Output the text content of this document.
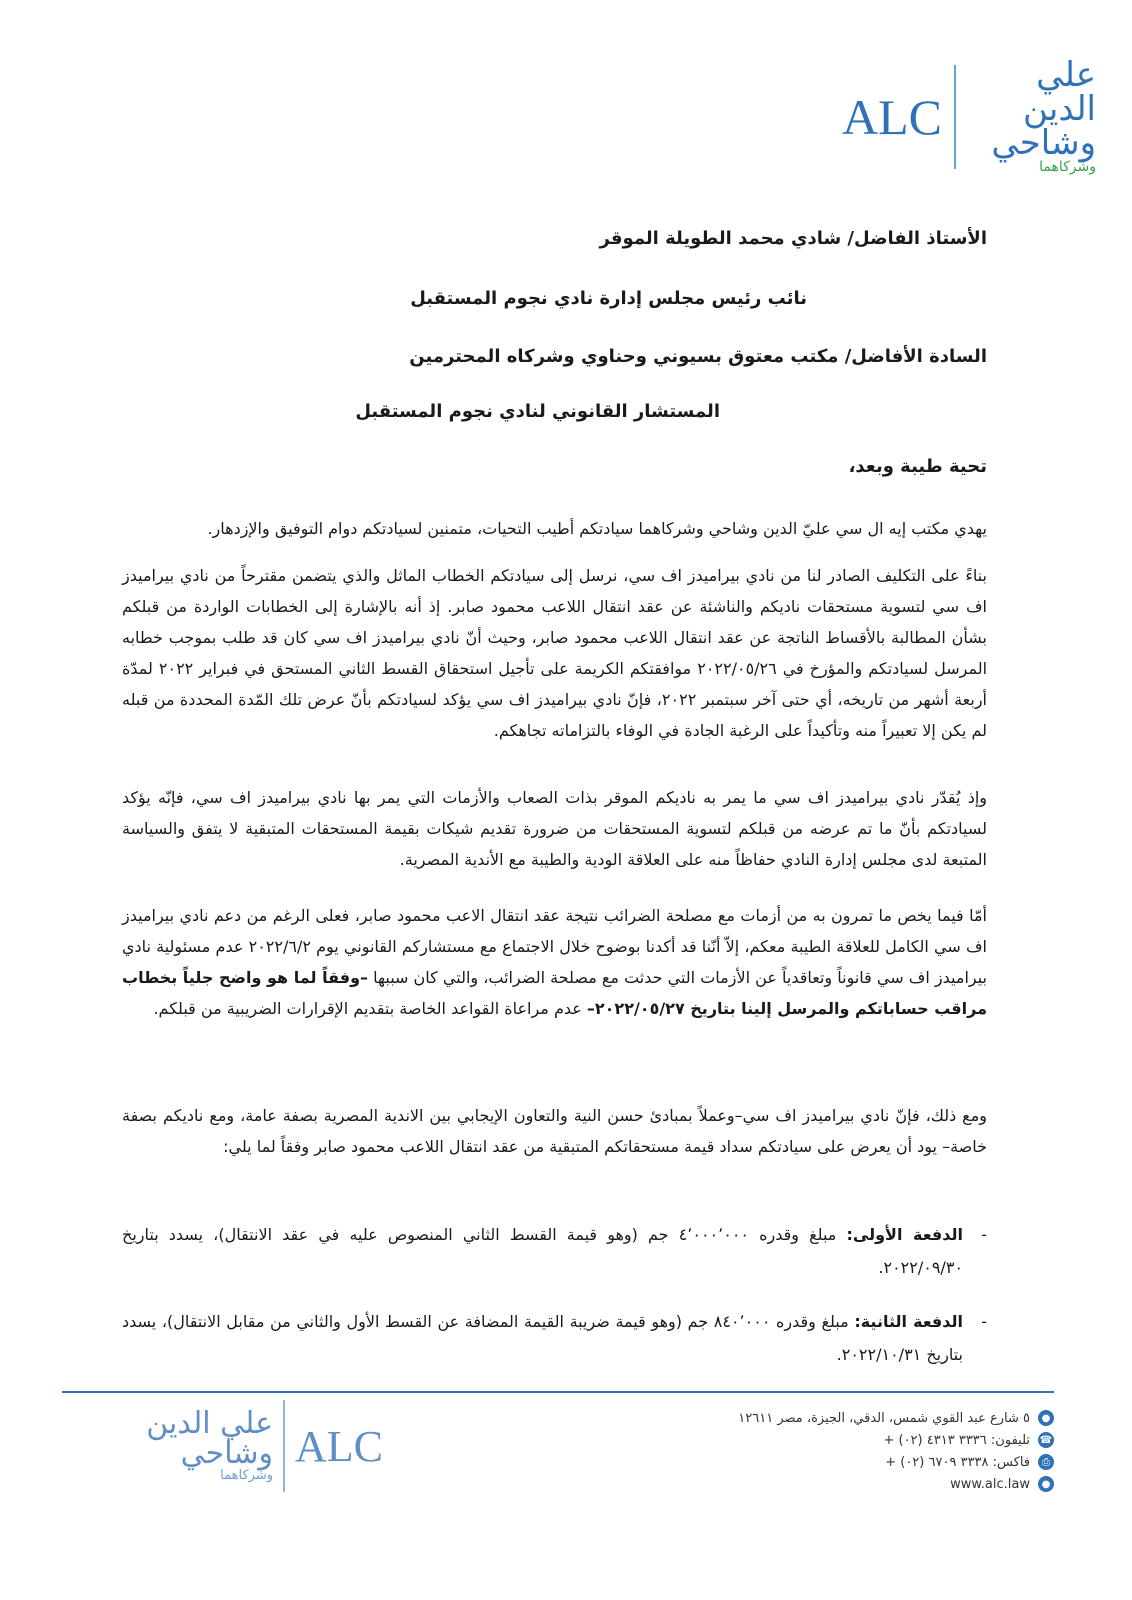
ALC
علي الدين
وشاحي
وشركاهما
الأستاذ الفاضل/ شادي محمد الطويلة الموقر
نائب رئيس مجلس إدارة نادي نجوم المستقبل
السادة الأفاضل/ مكتب معتوق بسيوني وحناوي وشركاه المحترمين
المستشار القانوني لنادي نجوم المستقبل
تحية طيبة وبعد،
يهدي مكتب إيه ال سي عليّ الدين وشاحي وشركاهما سيادتكم أطيب التحيات، متمنين لسيادتكم دوام التوفيق والإزدهار.
بناءً على التكليف الصادر لنا من نادي بيراميدز اف سي، نرسل إلى سيادتكم الخطاب الماثل والذي يتضمن مقترحاً من نادي بيراميدز اف سي لتسوية مستحقات ناديكم والناشئة عن عقد انتقال اللاعب محمود صابر. إذ أنه بالإشارة إلى الخطابات الواردة من قبلكم بشأن المطالبة بالأقساط الناتجة عن عقد انتقال اللاعب محمود صابر، وحيث أنّ نادي بيراميدز اف سي كان قد طلب بموجب خطابه المرسل لسيادتكم والمؤرخ في ٢٠٢٢/٠٥/٢٦ موافقتكم الكريمة على تأجيل استحقاق القسط الثاني المستحق في فبراير ٢٠٢٢ لمدّة أربعة أشهر من تاريخه، أي حتى آخر سبتمبر ٢٠٢٢، فإنّ نادي بيراميدز اف سي يؤكد لسيادتكم بأنّ عرض تلك المّدة المحددة من قبله لم يكن إلا تعبيراً منه وتأكيداً على الرغبة الجادة في الوفاء بالتزاماته تجاهكم.
وإذ يُقدّر نادي بيراميدز اف سي ما يمر به ناديكم الموقر بذات الصعاب والأزمات التي يمر بها نادي بيراميدز اف سي، فإنّه يؤكد لسيادتكم بأنّ ما تم عرضه من قبلكم لتسوية المستحقات من ضرورة تقديم شيكات بقيمة المستحقات المتبقية لا يتفق والسياسة المتبعة لدى مجلس إدارة النادي حفاظاً منه على العلاقة الودية والطيبة مع الأندية المصرية.
أمّا فيما يخص ما تمرون به من أزمات مع مصلحة الضرائب نتيجة عقد انتقال الاعب محمود صابر، فعلى الرغم من دعم نادي بيراميدز اف سي الكامل للعلاقة الطيبة معكم، إلاّ أنّنا قد أكدنا بوضوح خلال الاجتماع مع مستشاركم القانوني يوم ٢٠٢٢/٦/٢ عدم مسئولية نادي بيراميدز اف سي قانوناً وتعاقدياً عن الأزمات التي حدثت مع مصلحة الضرائب، والتي كان سببها –وفقاً لما هو واضح جلياً بخطاب مراقب حساباتكم والمرسل إلينا بتاريخ ٢٠٢٢/٠٥/٢٧– عدم مراعاة القواعد الخاصة بتقديم الإقرارات الضريبية من قبلكم.
ومع ذلك، فإنّ نادي بيراميدز اف سي–وعملاً بمبادئ حسن النية والتعاون الإيجابي بين الاندية المصرية بصفة عامة، ومع ناديكم بصفة خاصة– يود أن يعرض على سيادتكم سداد قيمة مستحقاتكم المتبقية من عقد انتقال اللاعب محمود صابر وفقاً لما يلي:
-
الدفعة الأولى: مبلغ وقدره ٤٬٠٠٠٬٠٠٠ جم (وهو قيمة القسط الثاني المنصوص عليه في عقد الانتقال)، يسدد بتاريخ ٢٠٢٢/٠٩/٣٠.
-
الدفعة الثانية: مبلغ وقدره ٨٤٠٬٠٠٠ جم (وهو قيمة ضريبة القيمة المضافة عن القسط الأول والثاني من مقابل الانتقال)، يسدد بتاريخ ٢٠٢٢/١٠/٣١.
علي الدين
وشاحي
وشركاهما
ALC
●
٥ شارع عبد القوي شمس، الدقي، الجيزة، مصر ١٢٦١١
☎
تليفون:

+ (٠٢) ٣٣٣٦ ٤٣١٣
⎙
فاكس:

+ (٠٢) ٣٣٣٨ ٦٧٠٩
●
www.alc.law
